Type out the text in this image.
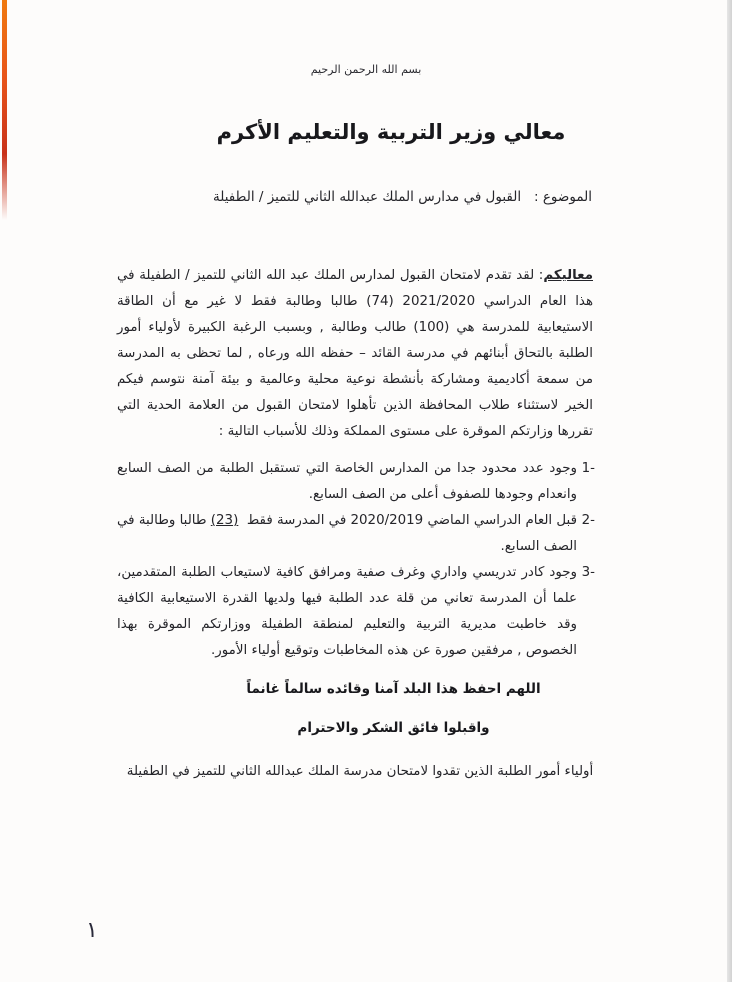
بسم الله الرحمن الرحيم
معالي وزير التربية والتعليم الأكرم
الموضوع :   القبول في مدارس الملك عبدالله الثاني للتميز / الطفيلة
معاليكم: لقد تقدم لامتحان القبول لمدارس الملك عبد الله الثاني للتميز / الطفيلة في هذا العام الدراسي 2021/2020 (74) طالبا وطالبة فقط لا غير مع أن الطاقة الاستيعابية للمدرسة هي (100) طالب وطالبة , وبسبب الرغبة الكبيرة لأولياء أمور الطلبة بالتحاق أبنائهم في مدرسة القائد – حفظه الله ورعاه , لما تحظى به المدرسة من سمعة أكاديمية ومشاركة بأنشطة نوعية محلية وعالمية و بيئة آمنة نتوسم فيكم الخير لاستثناء طلاب المحافظة الذين تأهلوا لامتحان القبول من العلامة الحدية التي تقررها وزارتكم الموقرة على مستوى المملكة وذلك للأسباب التالية :
-1
وجود عدد محدود جدا من المدارس الخاصة التي تستقبل الطلبة من الصف السابع وانعدام وجودها للصفوف أعلى من الصف السابع.
-2
قبل العام الدراسي الماضي 2020/2019 في المدرسة فقط  (23) طالبا وطالبة في الصف السابع.
-3
وجود كادر تدريسي واداري وغرف صفية ومرافق كافية لاستيعاب الطلبة المتقدمين، علما أن المدرسة تعاني من قلة عدد الطلبة فيها ولديها القدرة الاستيعابية الكافية وقد خاطبت مديرية التربية والتعليم لمنطقة الطفيلة ووزارتكم الموقرة بهذا الخصوص , مرفقين صورة عن هذه المخاطبات وتوقيع أولياء الأمور.
اللهم احفظ هذا البلد آمنا وقائده سالماً غانماً
واقبلوا فائق الشكر والاحترام
أولياء أمور الطلبة الذين تقدوا لامتحان مدرسة الملك عبدالله الثاني للتميز في الطفيلة
١
